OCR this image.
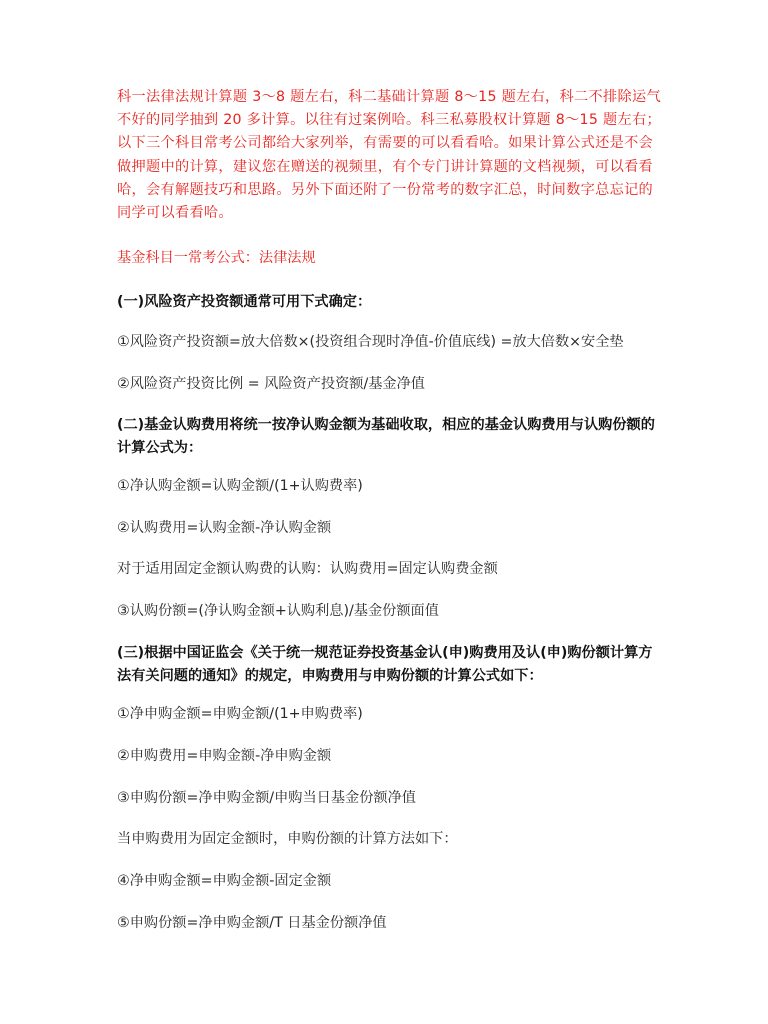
科一法律法规计算题 3～8 题左右，科二基础计算题 8～15 题左右，科二不排除运气不好的同学抽到 20 多计算。以往有过案例哈。科三私募股权计算题 8～15 题左右；以下三个科目常考公司都给大家列举，有需要的可以看看哈。如果计算公式还是不会做押题中的计算，建议您在赠送的视频里，有个专门讲计算题的文档视频，可以看看哈，会有解题技巧和思路。另外下面还附了一份常考的数字汇总，时间数字总忘记的同学可以看看哈。

基金科目一常考公式：法律法规

(一)风险资产投资额通常可用下式确定：

①风险资产投资额=放大倍数×(投资组合现时净值-价值底线) =放大倍数×安全垫

②风险资产投资比例 = 风险资产投资额/基金净值

(二)基金认购费用将统一按净认购金额为基础收取，相应的基金认购费用与认购份额的计算公式为：

①净认购金额=认购金额/(1+认购费率)

②认购费用=认购金额-净认购金额

对于适用固定金额认购费的认购：认购费用=固定认购费金额

③认购份额=(净认购金额+认购利息)/基金份额面值

(三)根据中国证监会《关于统一规范证券投资基金认(申)购费用及认(申)购份额计算方法有关问题的通知》的规定，申购费用与申购份额的计算公式如下：

①净申购金额=申购金额/(1+申购费率)

②申购费用=申购金额-净申购金额

③申购份额=净申购金额/申购当日基金份额净值

当申购费用为固定金额时，申购份额的计算方法如下：

④净申购金额=申购金额-固定金额

⑤申购份额=净申购金额/T 日基金份额净值
